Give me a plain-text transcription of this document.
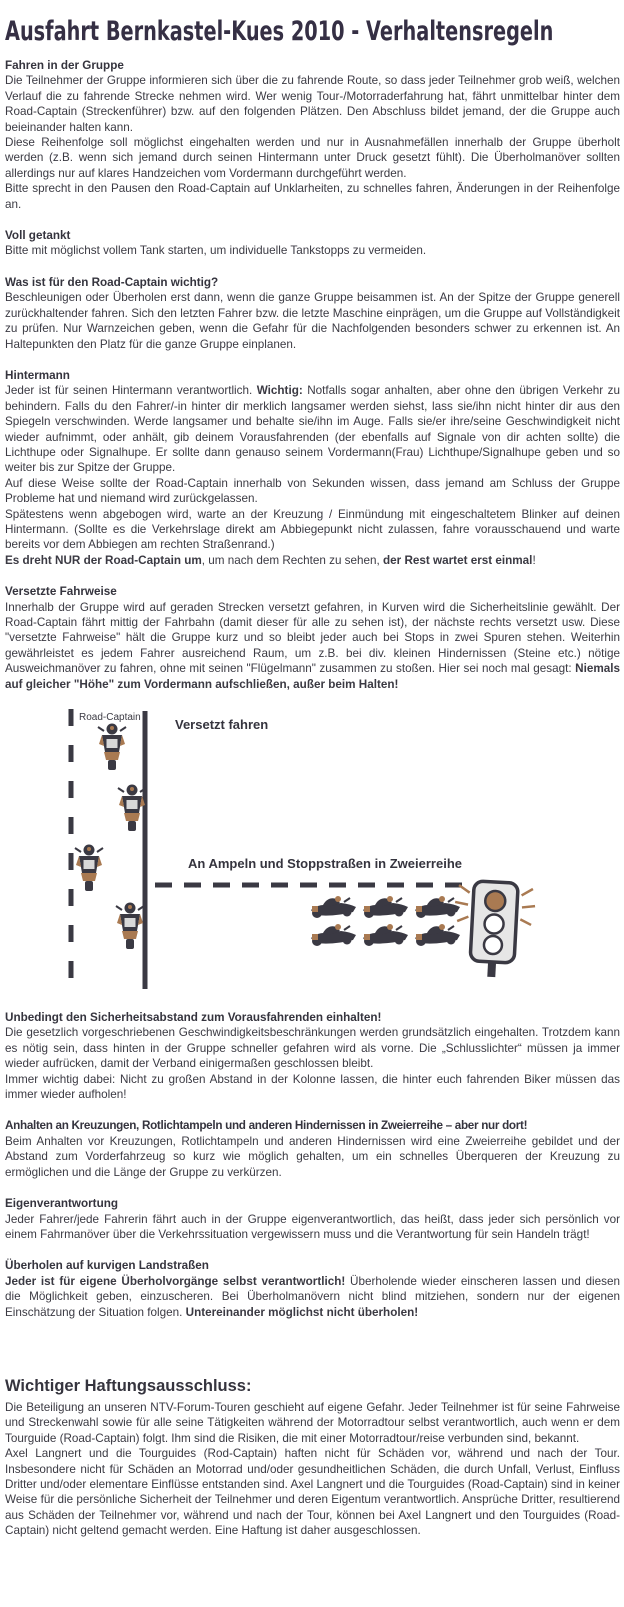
Ausfahrt Bernkastel-Kues 2010 - Verhaltensregeln
Fahren in der Gruppe

Die Teilnehmer der Gruppe informieren sich über die zu fahrende Route, so dass jeder Teilnehmer grob weiß, welchen Verlauf die zu fahrende Strecke nehmen wird. Wer wenig Tour-/Motorraderfahrung hat, fährt unmittelbar hinter dem Road-Captain (Streckenführer) bzw. auf den folgenden Plätzen. Den Abschluss bildet jemand, der die Gruppe auch beieinander halten kann.

Diese Reihenfolge soll möglichst eingehalten werden und nur in Ausnahmefällen innerhalb der Gruppe überholt werden (z.B. wenn sich jemand durch seinen Hintermann unter Druck gesetzt fühlt). Die Überholmanöver sollten allerdings nur auf klares Handzeichen vom Vordermann durchgeführt werden.

Bitte sprecht in den Pausen den Road-Captain auf Unklarheiten, zu schnelles fahren, Änderungen in der Reihenfolge an.

Voll getankt

Bitte mit möglichst vollem Tank starten, um individuelle Tankstopps zu vermeiden.

Was ist für den Road-Captain wichtig?

Beschleunigen oder Überholen erst dann, wenn die ganze Gruppe beisammen ist. An der Spitze der Gruppe generell zurückhaltender fahren. Sich den letzten Fahrer bzw. die letzte Maschine einprägen, um die Gruppe auf Vollständigkeit zu prüfen. Nur Warnzeichen geben, wenn die Gefahr für die Nachfolgenden besonders schwer zu erkennen ist. An Haltepunkten den Platz für die ganze Gruppe einplanen.

Hintermann

Jeder ist für seinen Hintermann verantwortlich. Wichtig: Notfalls sogar anhalten, aber ohne den übrigen Verkehr zu behindern. Falls du den Fahrer/-in hinter dir merklich langsamer werden siehst, lass sie/ihn nicht hinter dir aus den Spiegeln verschwinden. Werde langsamer und behalte sie/ihn im Auge. Falls sie/er ihre/seine Geschwindigkeit nicht wieder aufnimmt, oder anhält, gib deinem Vorausfahrenden (der ebenfalls auf Signale von dir achten sollte) die Lichthupe oder Signalhupe. Er sollte dann genauso seinem Vordermann(Frau) Lichthupe/Signalhupe geben und so weiter bis zur Spitze der Gruppe.

Auf diese Weise sollte der Road-Captain innerhalb von Sekunden wissen, dass jemand am Schluss der Gruppe Probleme hat und niemand wird zurückgelassen.

Spätestens wenn abgebogen wird, warte an der Kreuzung / Einmündung mit eingeschaltetem Blinker auf deinen Hintermann. (Sollte es die Verkehrslage direkt am Abbiegepunkt nicht zulassen, fahre vorausschauend und warte bereits vor dem Abbiegen am rechten Straßenrand.)

Es dreht NUR der Road-Captain um, um nach dem Rechten zu sehen, der Rest wartet erst einmal!

Versetzte Fahrweise

Innerhalb der Gruppe wird auf geraden Strecken versetzt gefahren, in Kurven wird die Sicherheitslinie gewählt. Der Road-Captain fährt mittig der Fahrbahn (damit dieser für alle zu sehen ist), der nächste rechts versetzt usw. Diese "versetzte Fahrweise" hält die Gruppe kurz und so bleibt jeder auch bei Stops in zwei Spuren stehen. Weiterhin gewährleistet es jedem Fahrer ausreichend Raum, um z.B. bei div. kleinen Hindernissen (Steine etc.) nötige Ausweichmanöver zu fahren, ohne mit seinen "Flügelmann" zusammen zu stoßen. Hier sei noch mal gesagt: Niemals auf gleicher "Höhe" zum Vordermann aufschließen, außer beim Halten!

Road-Captain	Versetzt fahren
An Ampeln und Stoppstraßen in Zweierreihe
Unbedingt den Sicherheitsabstand zum Vorausfahrenden einhalten!

Die gesetzlich vorgeschriebenen Geschwindigkeitsbeschränkungen werden grundsätzlich eingehalten. Trotzdem kann es nötig sein, dass hinten in der Gruppe schneller gefahren wird als vorne. Die „Schlusslichter“ müssen ja immer wieder aufrücken, damit der Verband einigermaßen geschlossen bleibt.

Immer wichtig dabei: Nicht zu großen Abstand in der Kolonne lassen, die hinter euch fahrenden Biker müssen das immer wieder aufholen!

Anhalten an Kreuzungen, Rotlichtampeln und anderen Hindernissen in Zweierreihe – aber nur dort!

Beim Anhalten vor Kreuzungen, Rotlichtampeln und anderen Hindernissen wird eine Zweierreihe gebildet und der Abstand zum Vorderfahrzeug so kurz wie möglich gehalten, um ein schnelles Überqueren der Kreuzung zu ermöglichen und die Länge der Gruppe zu verkürzen.

Eigenverantwortung

Jeder Fahrer/jede Fahrerin fährt auch in der Gruppe eigenverantwortlich, das heißt, dass jeder sich persönlich vor einem Fahrmanöver über die Verkehrssituation vergewissern muss und die Verantwortung für sein Handeln trägt!

Überholen auf kurvigen Landstraßen

Jeder ist für eigene Überholvorgänge selbst verantwortlich! Überholende wieder einscheren lassen und diesen die Möglichkeit geben, einzuscheren. Bei Überholmanövern nicht blind mitziehen, sondern nur der eigenen Einschätzung der Situation folgen. Untereinander möglichst nicht überholen!

Wichtiger Haftungsausschluss:

Die Beteiligung an unseren NTV-Forum-Touren geschieht auf eigene Gefahr. Jeder Teilnehmer ist für seine Fahrweise und Streckenwahl sowie für alle seine Tätigkeiten während der Motorradtour selbst verantwortlich, auch wenn er dem Tourguide (Road-Captain) folgt. Ihm sind die Risiken, die mit einer Motorradtour/reise verbunden sind, bekannt.

Axel Langnert und die Tourguides (Rod-Captain) haften nicht für Schäden vor, während und nach der Tour. Insbesondere nicht für Schäden an Motorrad und/oder gesundheitlichen Schäden, die durch Unfall, Verlust, Einfluss Dritter und/oder elementare Einflüsse entstanden sind. Axel Langnert und die Tourguides (Road-Captain) sind in keiner Weise für die persönliche Sicherheit der Teilnehmer und deren Eigentum verantwortlich. Ansprüche Dritter, resultierend aus Schäden der Teilnehmer vor, während und nach der Tour, können bei Axel Langnert und den Tourguides (Road-Captain) nicht geltend gemacht werden. Eine Haftung ist daher ausgeschlossen.
